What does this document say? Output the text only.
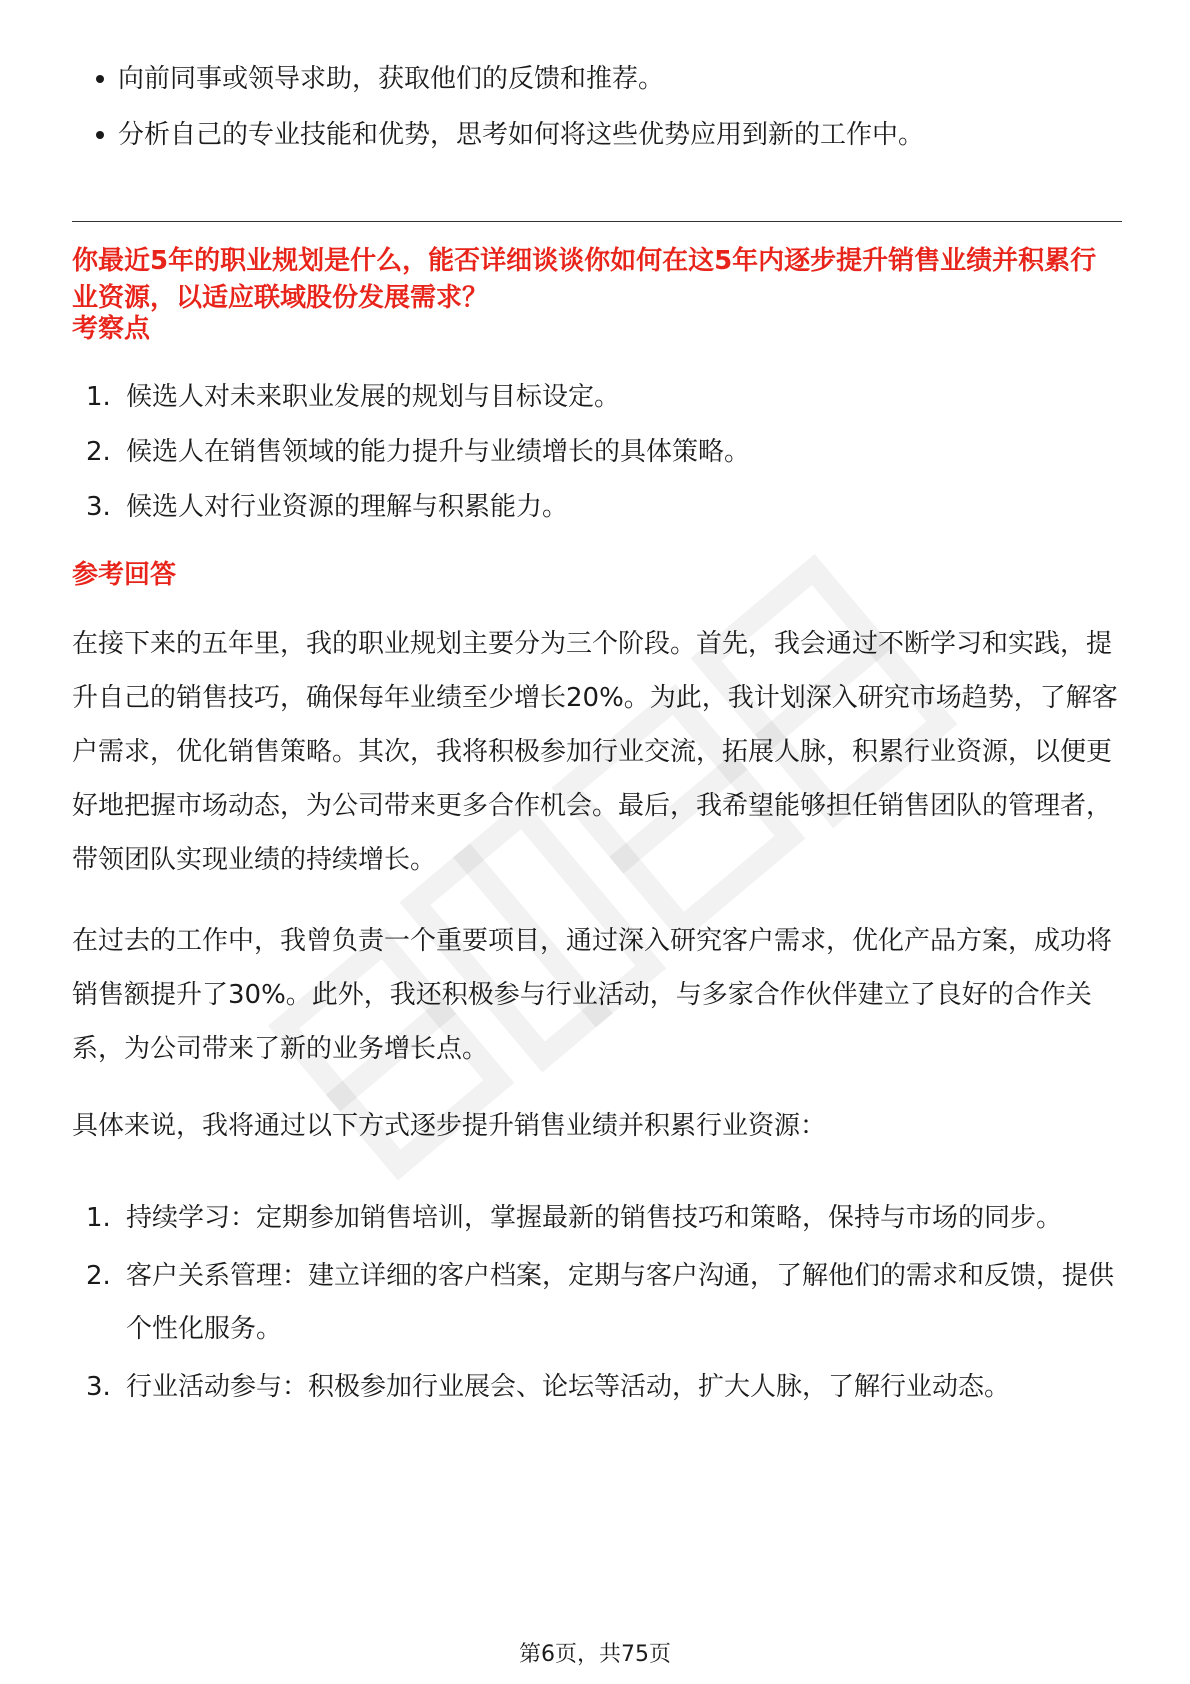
向前同事或领导求助，获取他们的反馈和推荐。
分析自己的专业技能和优势，思考如何将这些优势应用到新的工作中。
你最近5年的职业规划是什么，能否详细谈谈你如何在这5年内逐步提升销售业绩并积累行业资源，以适应联域股份发展需求？
考察点
1. 候选人对未来职业发展的规划与目标设定。
2. 候选人在销售领域的能力提升与业绩增长的具体策略。
3. 候选人对行业资源的理解与积累能力。
参考回答

在接下来的五年里，我的职业规划主要分为三个阶段。首先，我会通过不断学习和实践，提升自己的销售技巧，确保每年业绩至少增长20%。为此，我计划深入研究市场趋势，了解客户需求，优化销售策略。其次，我将积极参加行业交流，拓展人脉，积累行业资源，以便更好地把握市场动态，为公司带来更多合作机会。最后，我希望能够担任销售团队的管理者，带领团队实现业绩的持续增长。

在过去的工作中，我曾负责一个重要项目，通过深入研究客户需求，优化产品方案，成功将销售额提升了30%。此外，我还积极参与行业活动，与多家合作伙伴建立了良好的合作关系，为公司带来了新的业务增长点。

具体来说，我将通过以下方式逐步提升销售业绩并积累行业资源：

1. 持续学习：定期参加销售培训，掌握最新的销售技巧和策略，保持与市场的同步。
2. 客户关系管理：建立详细的客户档案，定期与客户沟通，了解他们的需求和反馈，提供个性化服务。
3. 行业活动参与：积极参加行业展会、论坛等活动，扩大人脉，了解行业动态。
第6页，共75页
